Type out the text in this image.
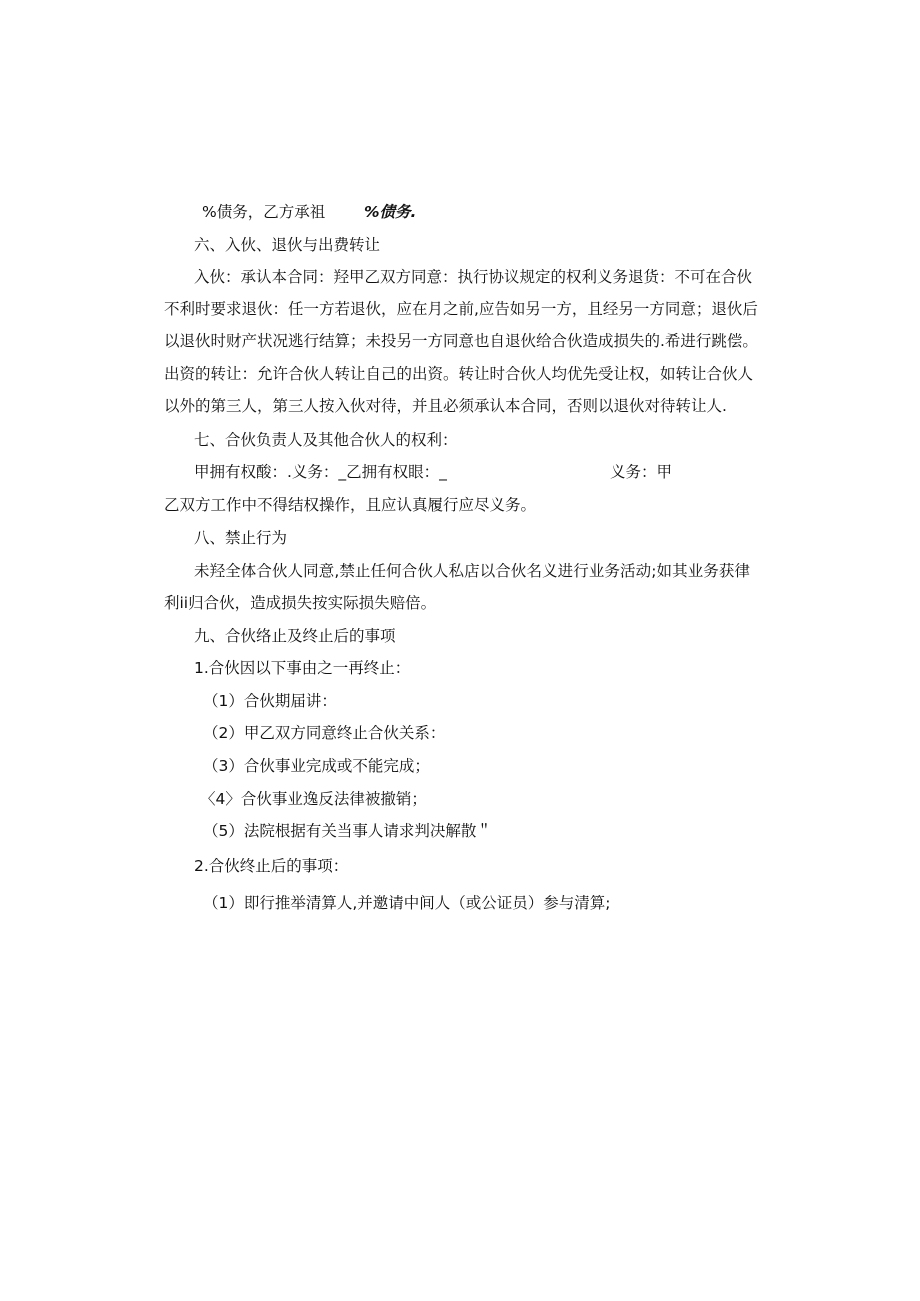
%债务，乙方承祖	%债务.
六、入伙、退伙与出费转让
入伙：承认本合同：羟甲乙双方同意：执行协议规定的权利义务退货：不可在合伙
不利时要求退伙：任一方若退伙，应在月之前,应告如另一方，且经另一方同意；退伙后
以退伙时财产状况逃行结算；未投另一方同意也自退伙给合伙造成损失的.希进行跳偿。
出资的转让：允许合伙人转让自己的出资。转让时合伙人均优先受让权，如转让合伙人
以外的第三人，第三人按入伙对待，并且必须承认本合同，否则以退伙对待转让人.
七、合伙负责人及其他合伙人的权利：
甲拥有权酸：.义务：_乙拥有权眼：_	义务：甲
乙双方工作中不得结权操作，且应认真履行应尽义务。
八、禁止行为
未羟全体合伙人同意,禁止任何合伙人私店以合伙名义进行业务活动;如其业务获律
利ii归合伙，造成损失按实际损失赔倍。
九、合伙络止及终止后的事项
1.合伙因以下事由之一再终止：
（1）合伙期届讲：
（2）甲乙双方同意终止合伙关系：
（3）合伙事业完成或不能完成；
〈4〉合伙事业逸反法律被撤销；
（5）法院根据有关当事人请求判决解散＂
2.合伙终止后的事项：
（1）即行推举清算人,并邀请中间人（或公证员）参与清算;
